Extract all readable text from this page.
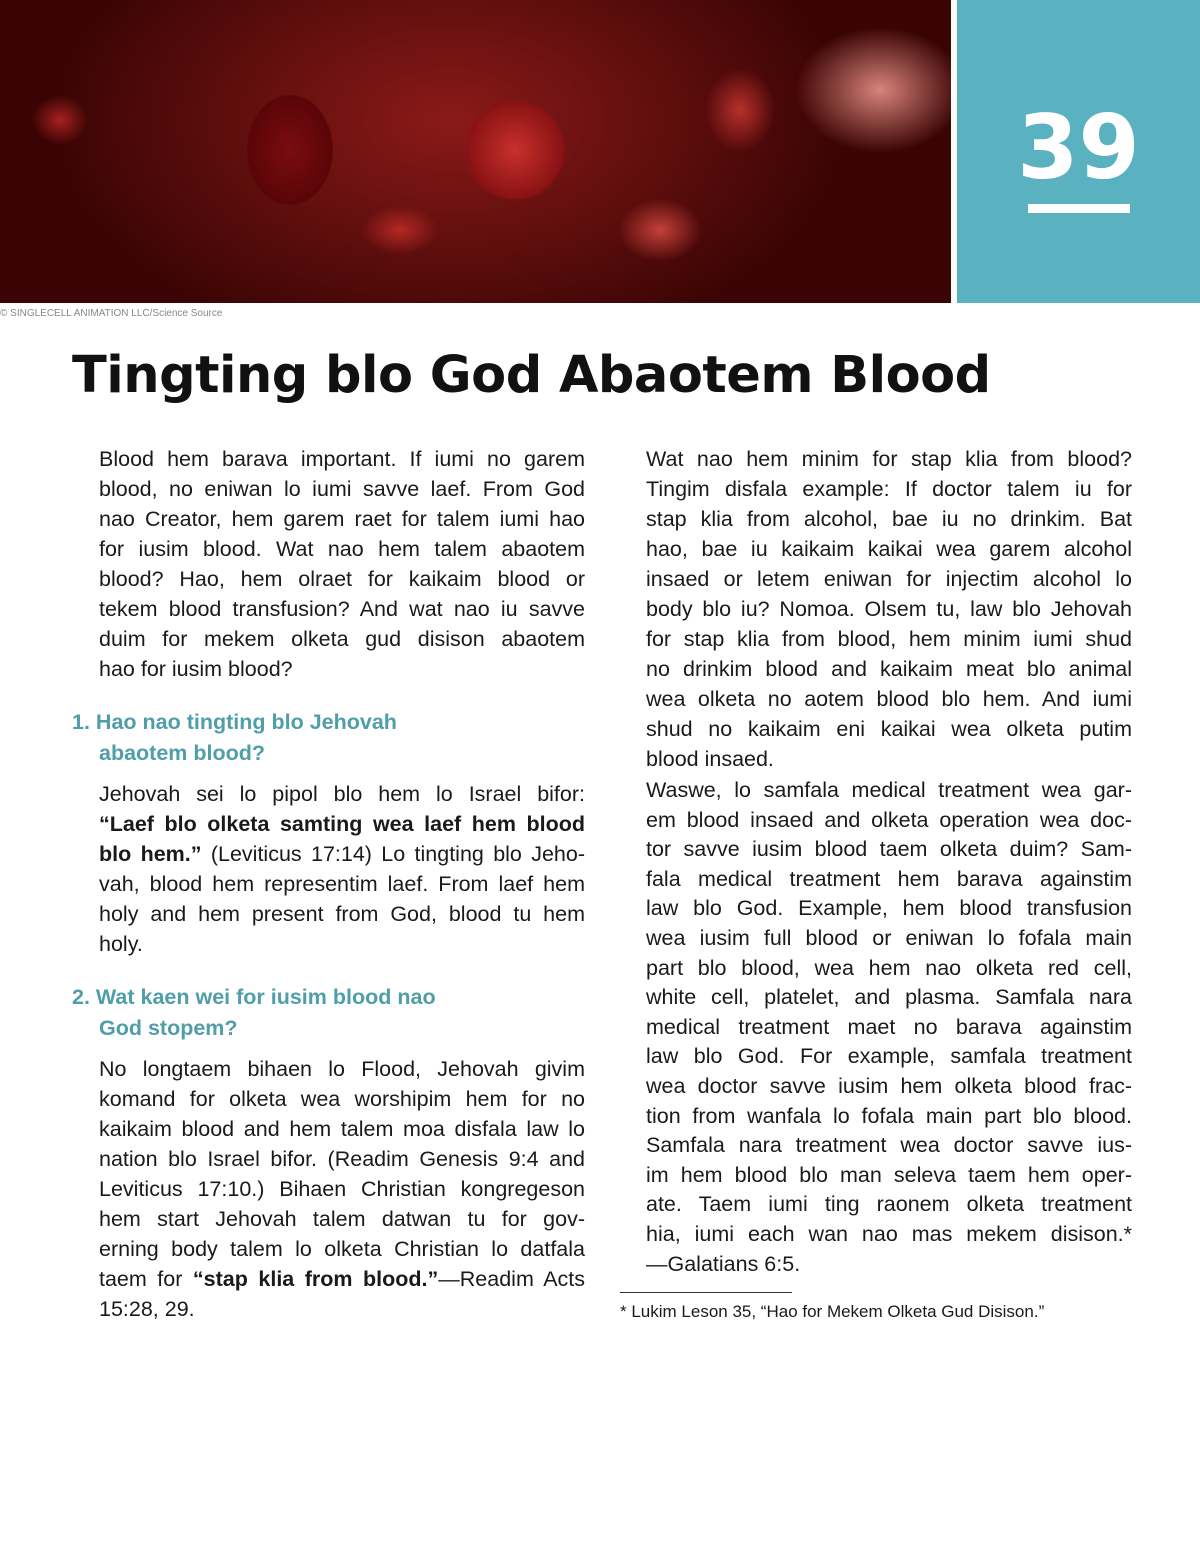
39
© SINGLECELL ANIMATION LLC/Science Source
Tingting blo God Abaotem Blood
Blood hem barava important. If iumi no garem
blood, no eniwan lo iumi savve laef. From God
nao Creator, hem garem raet for talem iumi hao
for iusim blood. Wat nao hem talem abaotem
blood? Hao, hem olraet for kaikaim blood or
tekem blood transfusion? And wat nao iu savve
duim for mekem olketa gud disison abaotem
hao for iusim blood?
1. Hao nao tingting blo Jehovah
abaotem blood?
Jehovah sei lo pipol blo hem lo Israel bifor:
“Laef blo olketa samting wea laef hem blood
blo hem.” (Leviticus 17:14) Lo tingting blo Jeho-
vah, blood hem representim laef. From laef hem
holy and hem present from God, blood tu hem
holy.
2. Wat kaen wei for iusim blood nao
God stopem?
No longtaem bihaen lo Flood, Jehovah givim
komand for olketa wea worshipim hem for no
kaikaim blood and hem talem moa disfala law lo
nation blo Israel bifor. (Readim Genesis 9:4 and
Leviticus 17:10.) Bihaen Christian kongregeson
hem start Jehovah talem datwan tu for gov-
erning body talem lo olketa Christian lo datfala
taem for “stap klia from blood.”—Readim Acts
15:28, 29.
Wat nao hem minim for stap klia from blood?
Tingim disfala example: If doctor talem iu for
stap klia from alcohol, bae iu no drinkim. Bat
hao, bae iu kaikaim kaikai wea garem alcohol
insaed or letem eniwan for injectim alcohol lo
body blo iu? Nomoa. Olsem tu, law blo Jehovah
for stap klia from blood, hem minim iumi shud
no drinkim blood and kaikaim meat blo animal
wea olketa no aotem blood blo hem. And iumi
shud no kaikaim eni kaikai wea olketa putim
blood insaed.
Waswe, lo samfala medical treatment wea gar-
em blood insaed and olketa operation wea doc-
tor savve iusim blood taem olketa duim? Sam-
fala medical treatment hem barava againstim
law blo God. Example, hem blood transfusion
wea iusim full blood or eniwan lo fofala main
part blo blood, wea hem nao olketa red cell,
white cell, platelet, and plasma. Samfala nara
medical treatment maet no barava againstim
law blo God. For example, samfala treatment
wea doctor savve iusim hem olketa blood frac-
tion from wanfala lo fofala main part blo blood.
Samfala nara treatment wea doctor savve ius-
im hem blood blo man seleva taem hem oper-
ate. Taem iumi ting raonem olketa treatment
hia, iumi each wan nao mas mekem disison.*
—Galatians 6:5.
* Lukim Leson 35, “Hao for Mekem Olketa Gud Disison.”
